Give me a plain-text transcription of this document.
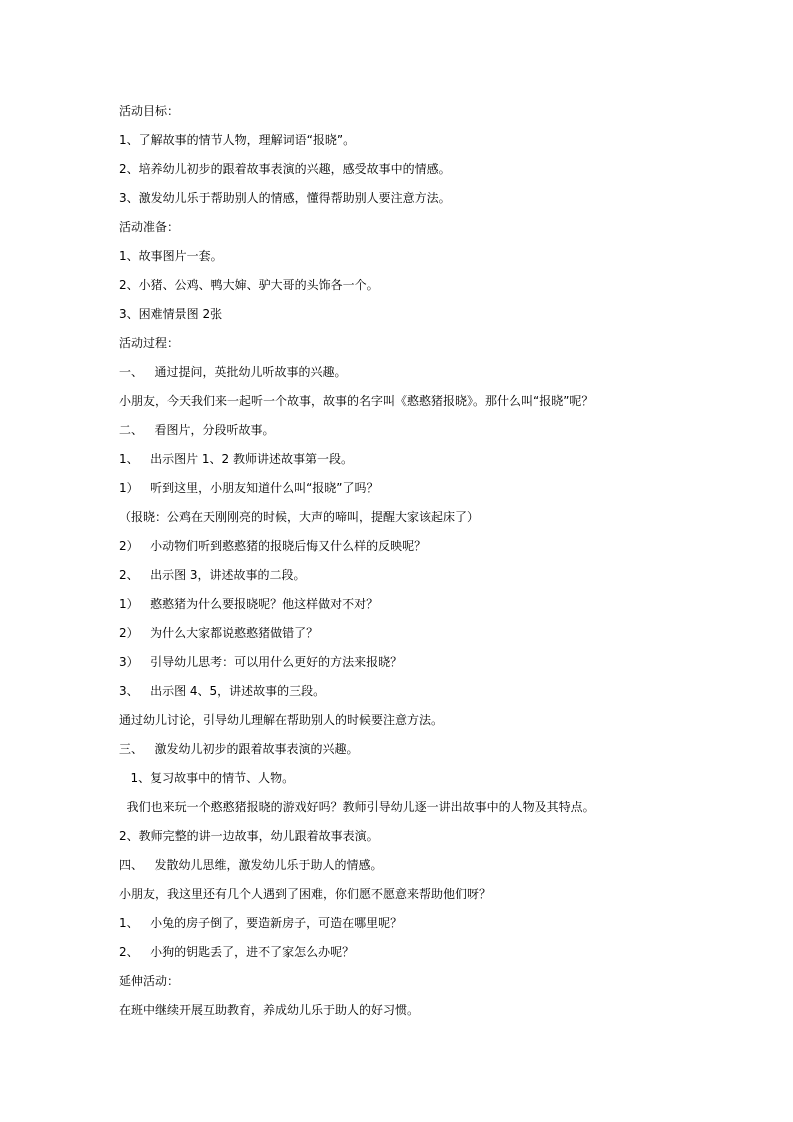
活动目标：
1、了解故事的情节人物，理解词语“报晓”。
2、培养幼儿初步的跟着故事表演的兴趣，感受故事中的情感。
3、激发幼儿乐于帮助别人的情感，懂得帮助别人要注意方法。
活动准备：
1、故事图片一套。
2、小猪、公鸡、鸭大婶、驴大哥的头饰各一个。
3、困难情景图 2张
活动过程：
一、   通过提问，英批幼儿听故事的兴趣。
小朋友，今天我们来一起听一个故事，故事的名字叫《憨憨猪报晓》。那什么叫“报晓”呢？
二、   看图片，分段听故事。
1、   出示图片 1、2 教师讲述故事第一段。
1）   听到这里，小朋友知道什么叫“报晓”了吗？
（报晓：公鸡在天刚刚亮的时候，大声的啼叫，提醒大家该起床了）
2）   小动物们听到憨憨猪的报晓后悔又什么样的反映呢？
2、   出示图 3，讲述故事的二段。
1）   憨憨猪为什么要报晓呢？他这样做对不对？
2）   为什么大家都说憨憨猪做错了？
3）   引导幼儿思考：可以用什么更好的方法来报晓？
3、   出示图 4、5，讲述故事的三段。
通过幼儿讨论，引导幼儿理解在帮助别人的时候要注意方法。
三、   激发幼儿初步的跟着故事表演的兴趣。
1、复习故事中的情节、人物。
我们也来玩一个憨憨猪报晓的游戏好吗？教师引导幼儿逐一讲出故事中的人物及其特点。
2、教师完整的讲一边故事，幼儿跟着故事表演。
四、   发散幼儿思维，激发幼儿乐于助人的情感。
小朋友，我这里还有几个人遇到了困难，你们愿不愿意来帮助他们呀？
1、   小兔的房子倒了，要造新房子，可造在哪里呢？
2、   小狗的钥匙丢了，进不了家怎么办呢？
延伸活动：
在班中继续开展互助教育，养成幼儿乐于助人的好习惯。
